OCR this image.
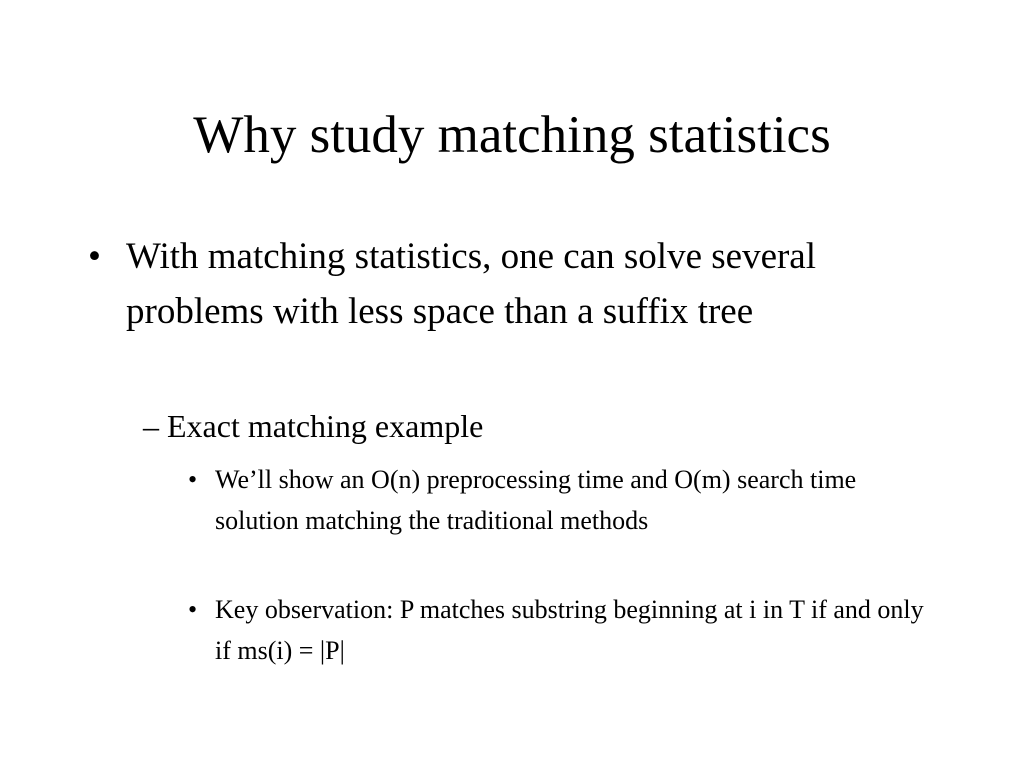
Why study matching statistics
• With matching statistics, one can solve several problems with less space than a suffix tree
– Exact matching example
• We’ll show an O(n) preprocessing time and O(m) search time solution matching the traditional methods
• Key observation: P matches substring beginning at i in T if and only if ms(i) = |P|
